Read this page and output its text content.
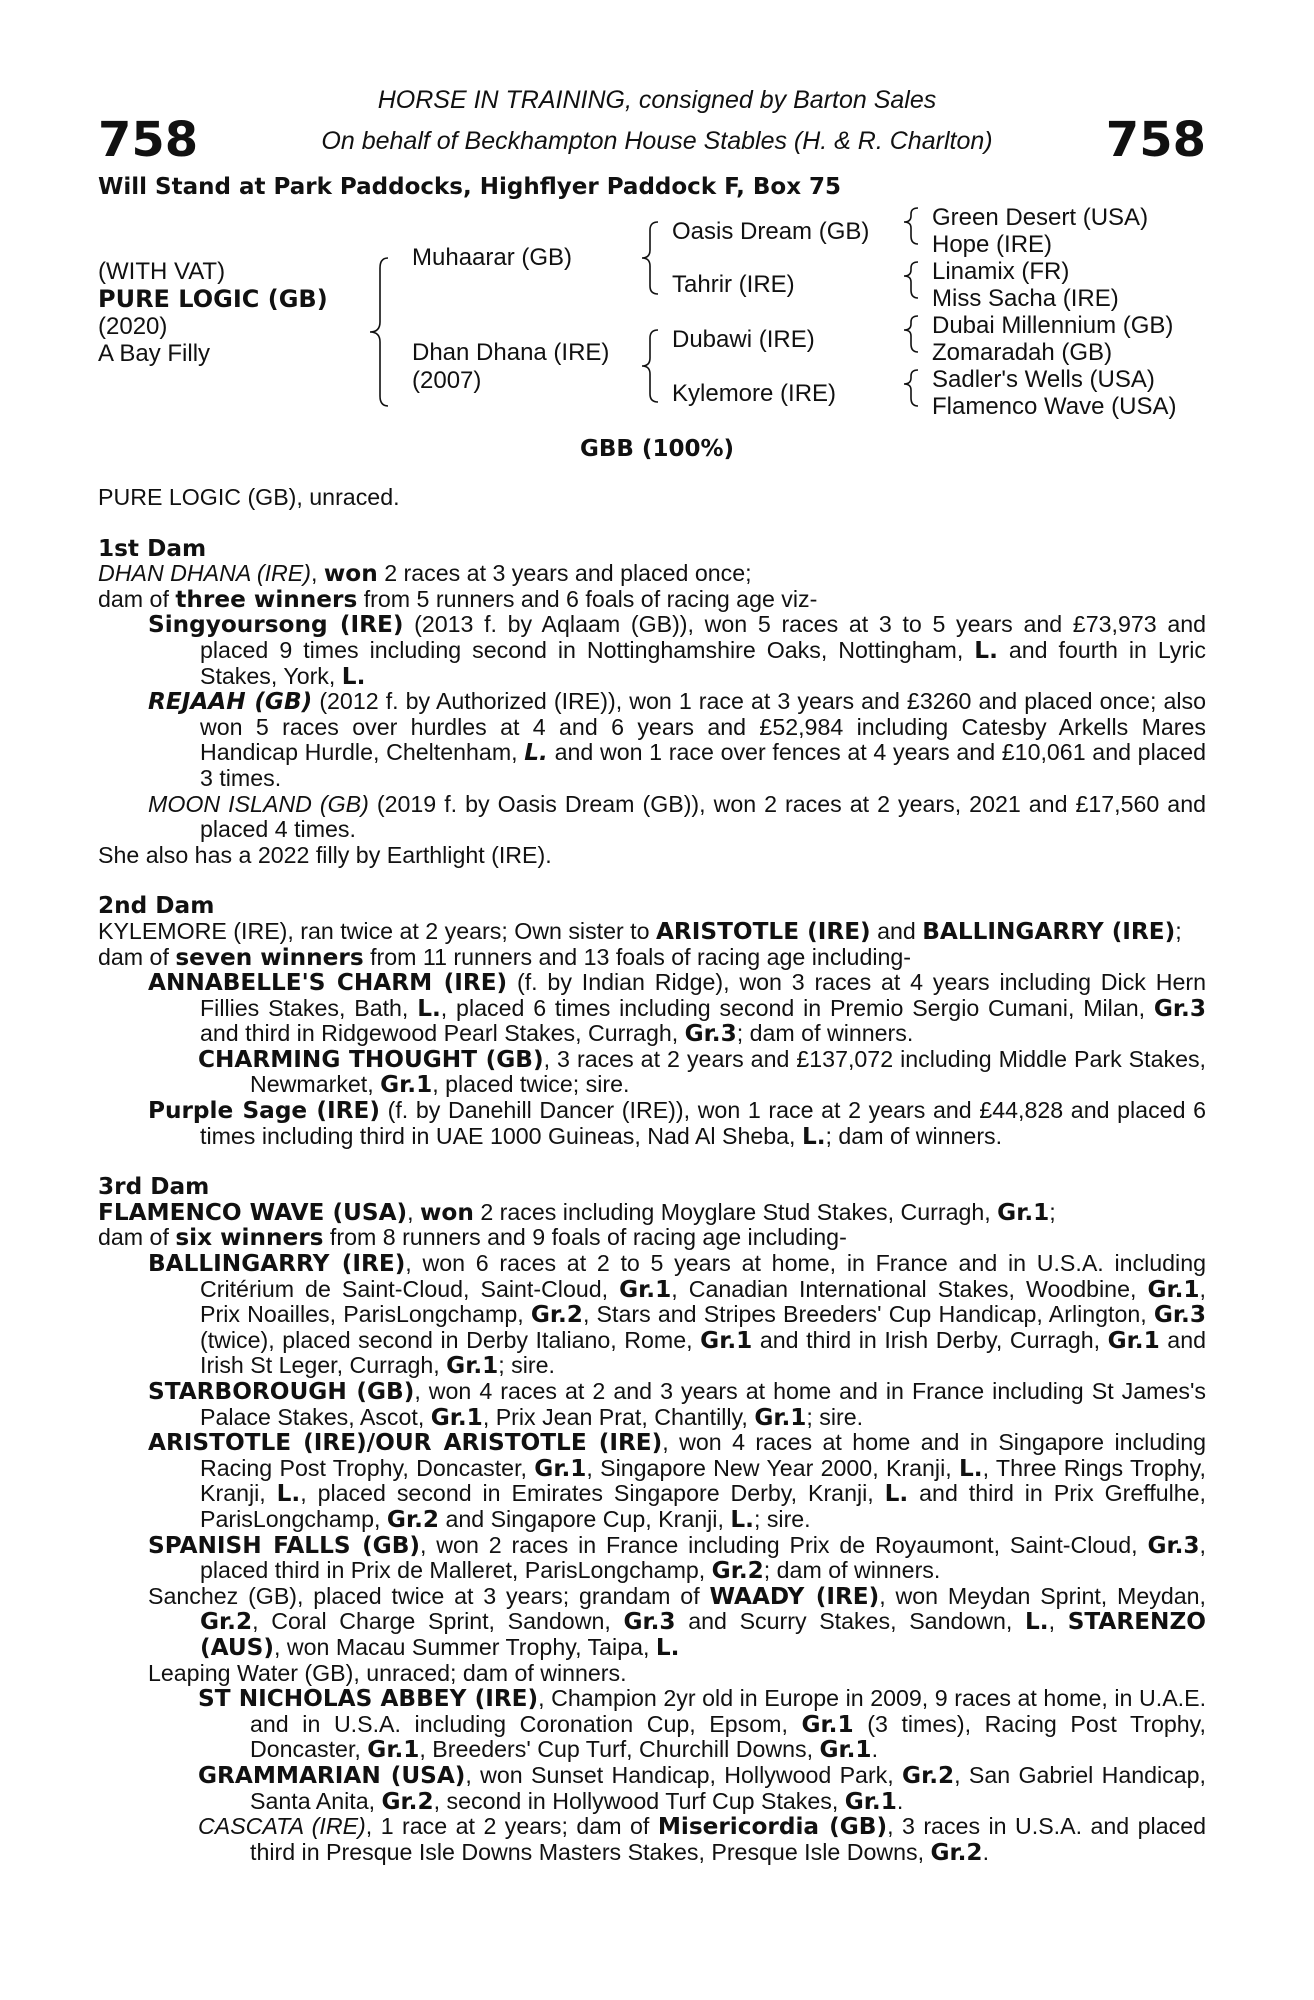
758	758
HORSE IN TRAINING, consigned by Barton Sales
On behalf of Beckhampton House Stables (H. & R. Charlton)
Will Stand at Park Paddocks, Highflyer Paddock F, Box 75
(WITH VAT)
PURE LOGIC (GB)
(2020)
A Bay Filly
Muhaarar (GB)
Dhan Dhana (IRE)
(2007)
Oasis Dream (GB)
Tahrir (IRE)
Dubawi (IRE)
Kylemore (IRE)
Green Desert (USA)
Hope (IRE)
Linamix (FR)
Miss Sacha (IRE)
Dubai Millennium (GB)
Zomaradah (GB)
Sadler's Wells (USA)
Flamenco Wave (USA)
GBB (100%)

PURE LOGIC (GB), unraced.

1st Dam

DHAN DHANA (IRE), won 2 races at 3 years and placed once;

dam of three winners from 5 runners and 6 foals of racing age viz-

Singyoursong (IRE) (2013 f. by Aqlaam (GB)), won 5 races at 3 to 5 years and £73,973 and placed 9 times including second in Nottinghamshire Oaks, Nottingham, L. and fourth in Lyric Stakes, York, L.

REJAAH (GB) (2012 f. by Authorized (IRE)), won 1 race at 3 years and £3260 and placed once; also won 5 races over hurdles at 4 and 6 years and £52,984 including Catesby Arkells Mares Handicap Hurdle, Cheltenham, L. and won 1 race over fences at 4 years and £10,061 and placed 3 times.

MOON ISLAND (GB) (2019 f. by Oasis Dream (GB)), won 2 races at 2 years, 2021 and £17,560 and placed 4 times.

She also has a 2022 filly by Earthlight (IRE).

2nd Dam

KYLEMORE (IRE), ran twice at 2 years; Own sister to ARISTOTLE (IRE) and BALLINGARRY (IRE);

dam of seven winners from 11 runners and 13 foals of racing age including-

ANNABELLE'S CHARM (IRE) (f. by Indian Ridge), won 3 races at 4 years including Dick Hern Fillies Stakes, Bath, L., placed 6 times including second in Premio Sergio Cumani, Milan, Gr.3 and third in Ridgewood Pearl Stakes, Curragh, Gr.3; dam of winners.

CHARMING THOUGHT (GB), 3 races at 2 years and £137,072 including Middle Park Stakes, Newmarket, Gr.1, placed twice; sire.

Purple Sage (IRE) (f. by Danehill Dancer (IRE)), won 1 race at 2 years and £44,828 and placed 6 times including third in UAE 1000 Guineas, Nad Al Sheba, L.; dam of winners.

3rd Dam

FLAMENCO WAVE (USA), won 2 races including Moyglare Stud Stakes, Curragh, Gr.1;

dam of six winners from 8 runners and 9 foals of racing age including-

BALLINGARRY (IRE), won 6 races at 2 to 5 years at home, in France and in U.S.A. including Critérium de Saint-Cloud, Saint-Cloud, Gr.1, Canadian International Stakes, Woodbine, Gr.1, Prix Noailles, ParisLongchamp, Gr.2, Stars and Stripes Breeders' Cup Handicap, Arlington, Gr.3 (twice), placed second in Derby Italiano, Rome, Gr.1 and third in Irish Derby, Curragh, Gr.1 and Irish St Leger, Curragh, Gr.1; sire.

STARBOROUGH (GB), won 4 races at 2 and 3 years at home and in France including St James's Palace Stakes, Ascot, Gr.1, Prix Jean Prat, Chantilly, Gr.1; sire.

ARISTOTLE (IRE)/OUR ARISTOTLE (IRE), won 4 races at home and in Singapore including Racing Post Trophy, Doncaster, Gr.1, Singapore New Year 2000, Kranji, L., Three Rings Trophy, Kranji, L., placed second in Emirates Singapore Derby, Kranji, L. and third in Prix Greffulhe, ParisLongchamp, Gr.2 and Singapore Cup, Kranji, L.; sire.

SPANISH FALLS (GB), won 2 races in France including Prix de Royaumont, Saint-Cloud, Gr.3, placed third in Prix de Malleret, ParisLongchamp, Gr.2; dam of winners.

Sanchez (GB), placed twice at 3 years; grandam of WAADY (IRE), won Meydan Sprint, Meydan, Gr.2, Coral Charge Sprint, Sandown, Gr.3 and Scurry Stakes, Sandown, L., STARENZO (AUS), won Macau Summer Trophy, Taipa, L.

Leaping Water (GB), unraced; dam of winners.

ST NICHOLAS ABBEY (IRE), Champion 2yr old in Europe in 2009, 9 races at home, in U.A.E. and in U.S.A. including Coronation Cup, Epsom, Gr.1 (3 times), Racing Post Trophy, Doncaster, Gr.1, Breeders' Cup Turf, Churchill Downs, Gr.1.

GRAMMARIAN (USA), won Sunset Handicap, Hollywood Park, Gr.2, San Gabriel Handicap, Santa Anita, Gr.2, second in Hollywood Turf Cup Stakes, Gr.1.

CASCATA (IRE), 1 race at 2 years; dam of Misericordia (GB), 3 races in U.S.A. and placed third in Presque Isle Downs Masters Stakes, Presque Isle Downs, Gr.2.
